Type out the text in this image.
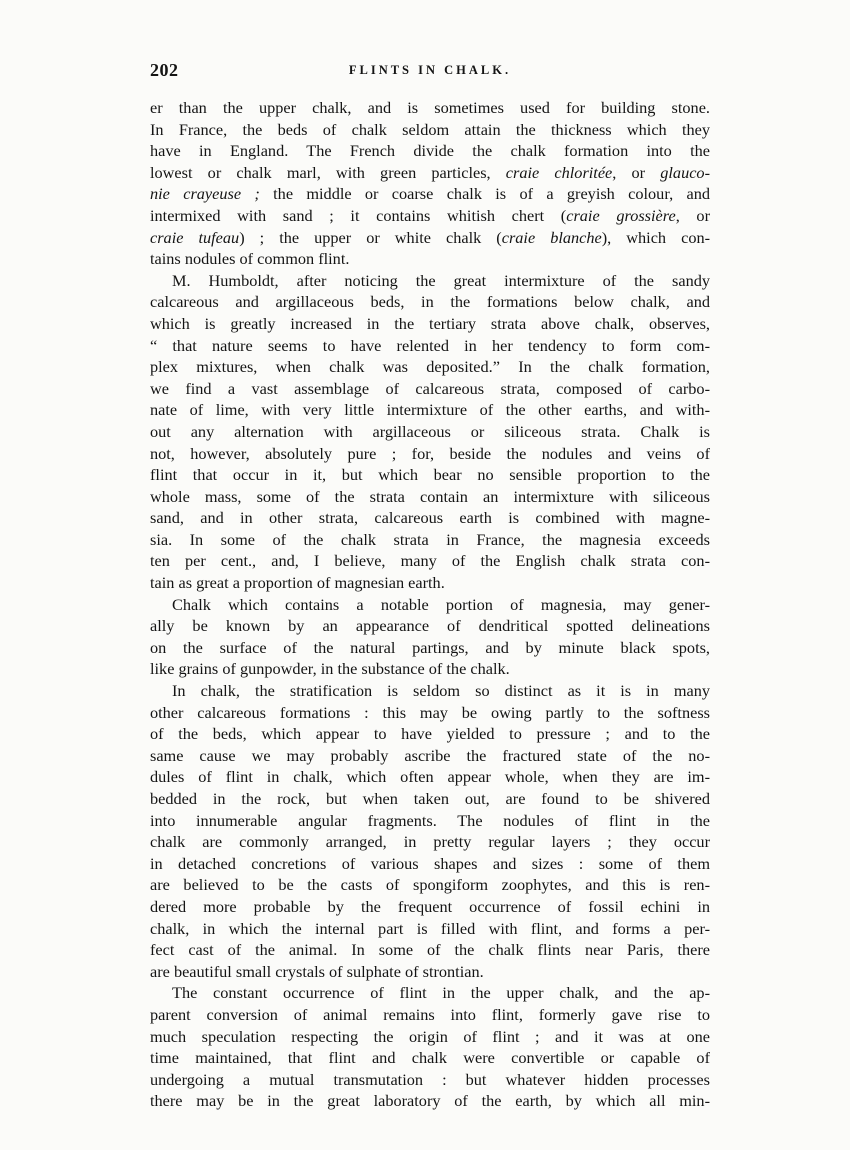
202	FLINTS IN CHALK.
er than the upper chalk, and is sometimes used for building stone.
In France, the beds of chalk seldom attain the thickness which they
have in England. The French divide the chalk formation into the
lowest or chalk marl, with green particles, craie chloritée, or glauco-
nie crayeuse ; the middle or coarse chalk is of a greyish colour, and
intermixed with sand ; it contains whitish chert (craie grossière, or
craie tufeau) ; the upper or white chalk (craie blanche), which con-
tains nodules of common flint.
M. Humboldt, after noticing the great intermixture of the sandy
calcareous and argillaceous beds, in the formations below chalk, and
which is greatly increased in the tertiary strata above chalk, observes,
“ that nature seems to have relented in her tendency to form com-
plex mixtures, when chalk was deposited.” In the chalk formation,
we find a vast assemblage of calcareous strata, composed of carbo-
nate of lime, with very little intermixture of the other earths, and with-
out any alternation with argillaceous or siliceous strata. Chalk is
not, however, absolutely pure ; for, beside the nodules and veins of
flint that occur in it, but which bear no sensible proportion to the
whole mass, some of the strata contain an intermixture with siliceous
sand, and in other strata, calcareous earth is combined with magne-
sia. In some of the chalk strata in France, the magnesia exceeds
ten per cent., and, I believe, many of the English chalk strata con-
tain as great a proportion of magnesian earth.
Chalk which contains a notable portion of magnesia, may gener-
ally be known by an appearance of dendritical spotted delineations
on the surface of the natural partings, and by minute black spots,
like grains of gunpowder, in the substance of the chalk.
In chalk, the stratification is seldom so distinct as it is in many
other calcareous formations : this may be owing partly to the softness
of the beds, which appear to have yielded to pressure ; and to the
same cause we may probably ascribe the fractured state of the no-
dules of flint in chalk, which often appear whole, when they are im-
bedded in the rock, but when taken out, are found to be shivered
into innumerable angular fragments. The nodules of flint in the
chalk are commonly arranged, in pretty regular layers ; they occur
in detached concretions of various shapes and sizes : some of them
are believed to be the casts of spongiform zoophytes, and this is ren-
dered more probable by the frequent occurrence of fossil echini in
chalk, in which the internal part is filled with flint, and forms a per-
fect cast of the animal. In some of the chalk flints near Paris, there
are beautiful small crystals of sulphate of strontian.
The constant occurrence of flint in the upper chalk, and the ap-
parent conversion of animal remains into flint, formerly gave rise to
much speculation respecting the origin of flint ; and it was at one
time maintained, that flint and chalk were convertible or capable of
undergoing a mutual transmutation : but whatever hidden processes
there may be in the great laboratory of the earth, by which all min-
